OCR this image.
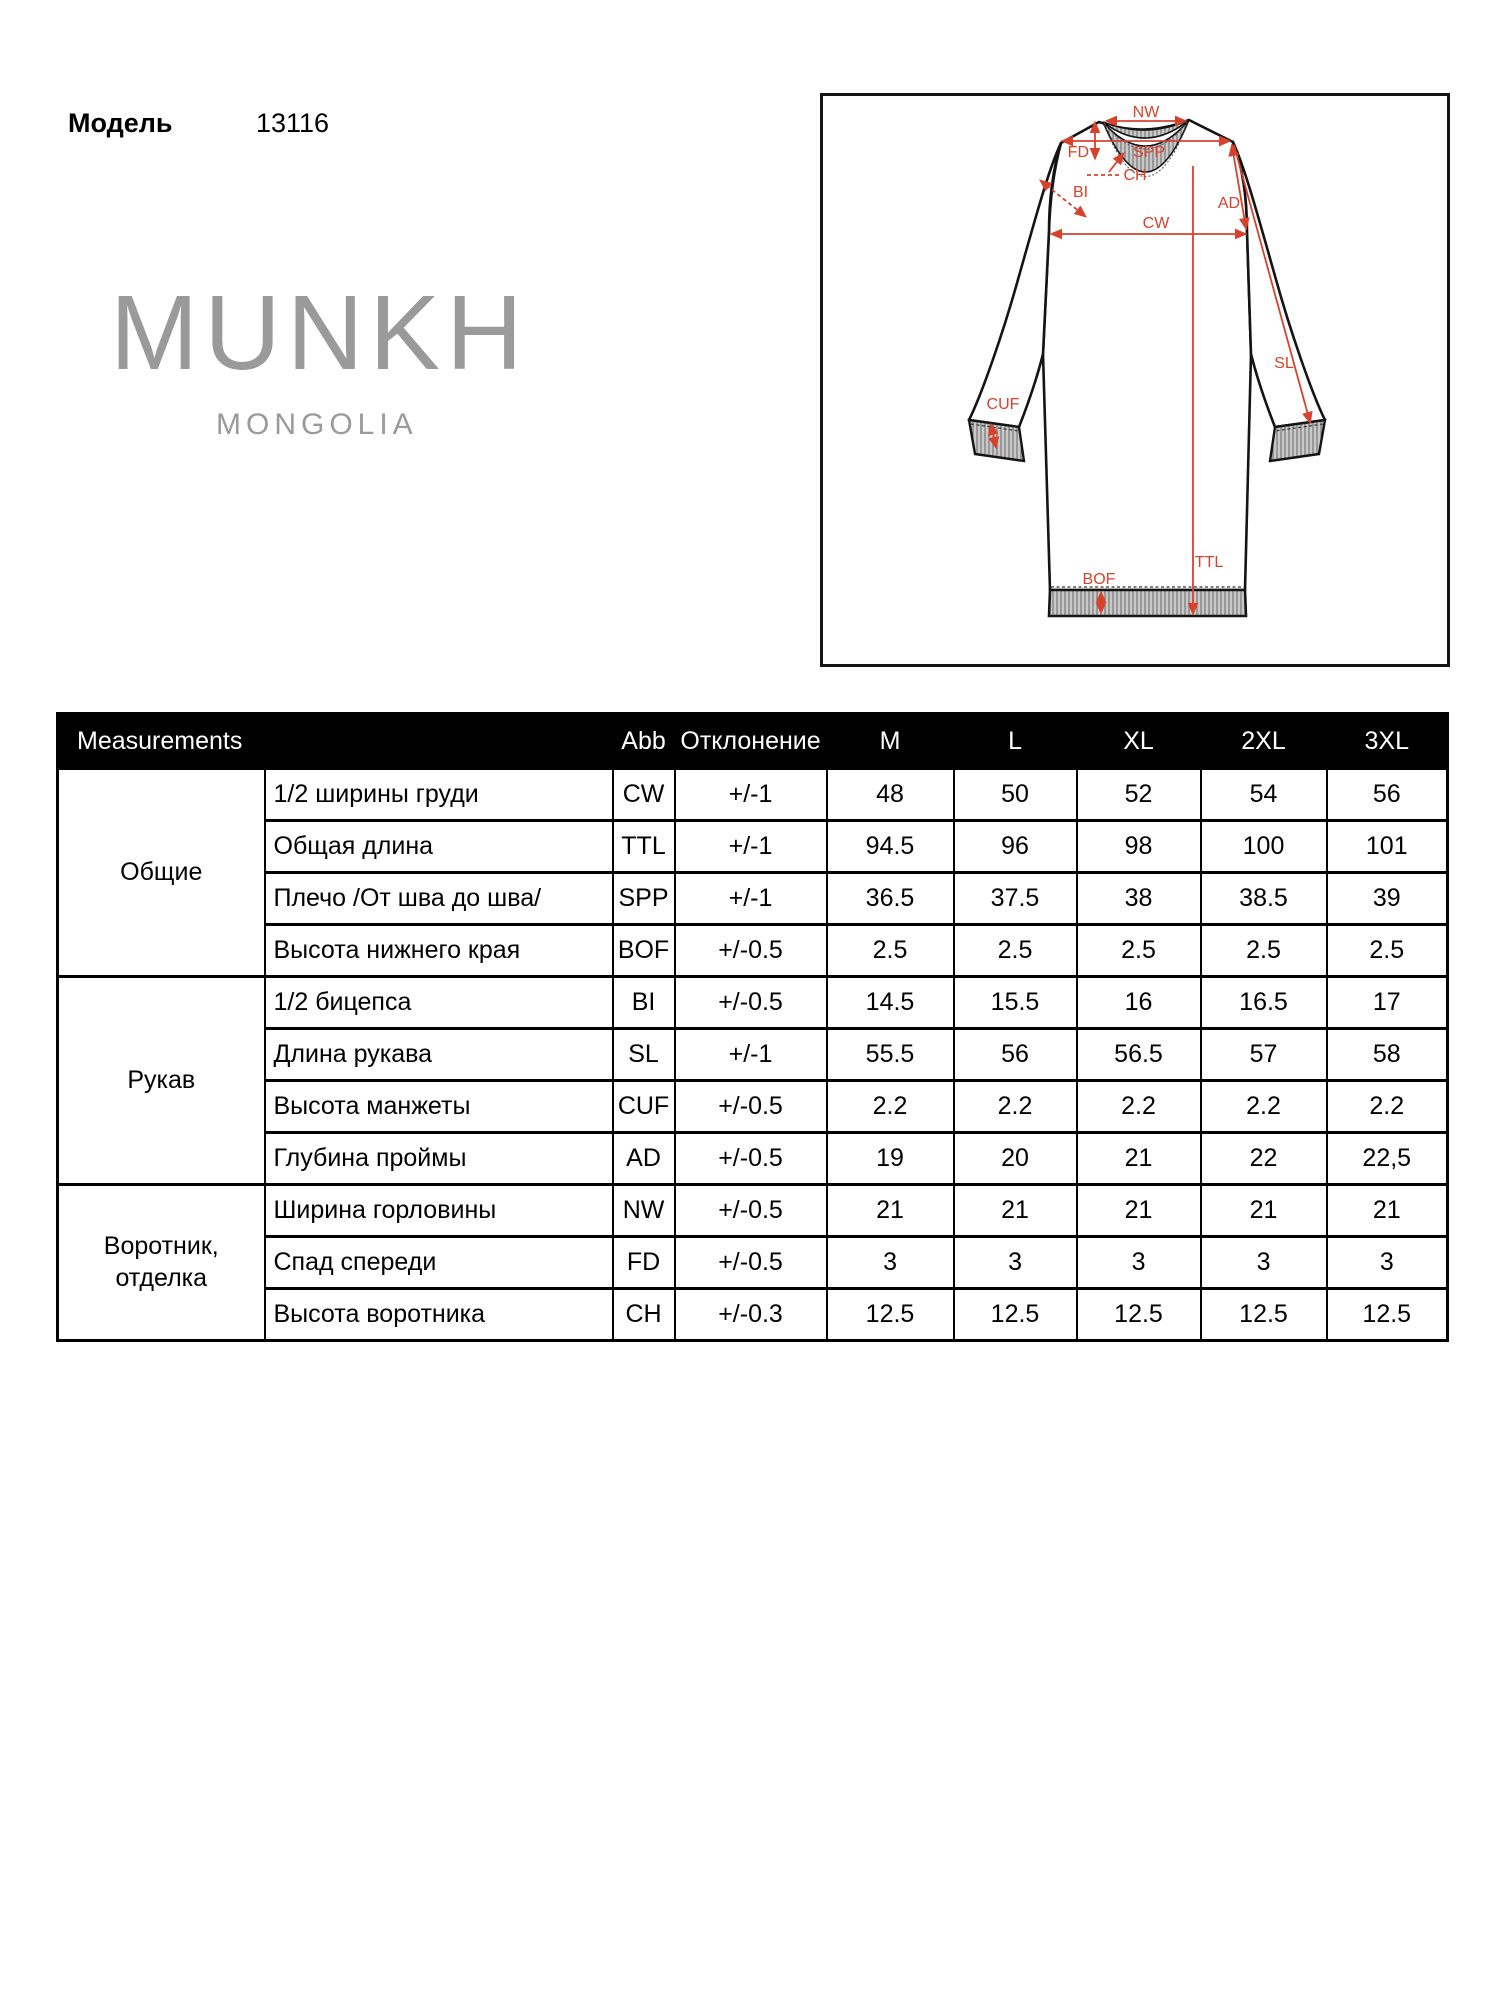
Модель	13116
MUNKH
MONGOLIA
NW
SPP
FD
CH
BI
CW
AD
SL
CUF
BOF
TTL
Measurements		Abb	Отклонение	M	L	XL	2XL	3XL
Общие	1/2 ширины груди	CW	+/-1	48	50	52	54	56
	Общая длина	TTL	+/-1	94.5	96	98	100	101
	Плечо /От шва до шва/	SPP	+/-1	36.5	37.5	38	38.5	39
	Высота нижнего края	BOF	+/-0.5	2.5	2.5	2.5	2.5	2.5
Рукав	1/2 бицепса	BI	+/-0.5	14.5	15.5	16	16.5	17
	Длина рукава	SL	+/-1	55.5	56	56.5	57	58
	Высота манжеты	CUF	+/-0.5	2.2	2.2	2.2	2.2	2.2
	Глубина проймы	AD	+/-0.5	19	20	21	22	22,5
Воротник, отделка	Ширина горловины	NW	+/-0.5	21	21	21	21	21
	Спад спереди	FD	+/-0.5	3	3	3	3	3
	Высота воротника	CH	+/-0.3	12.5	12.5	12.5	12.5	12.5
